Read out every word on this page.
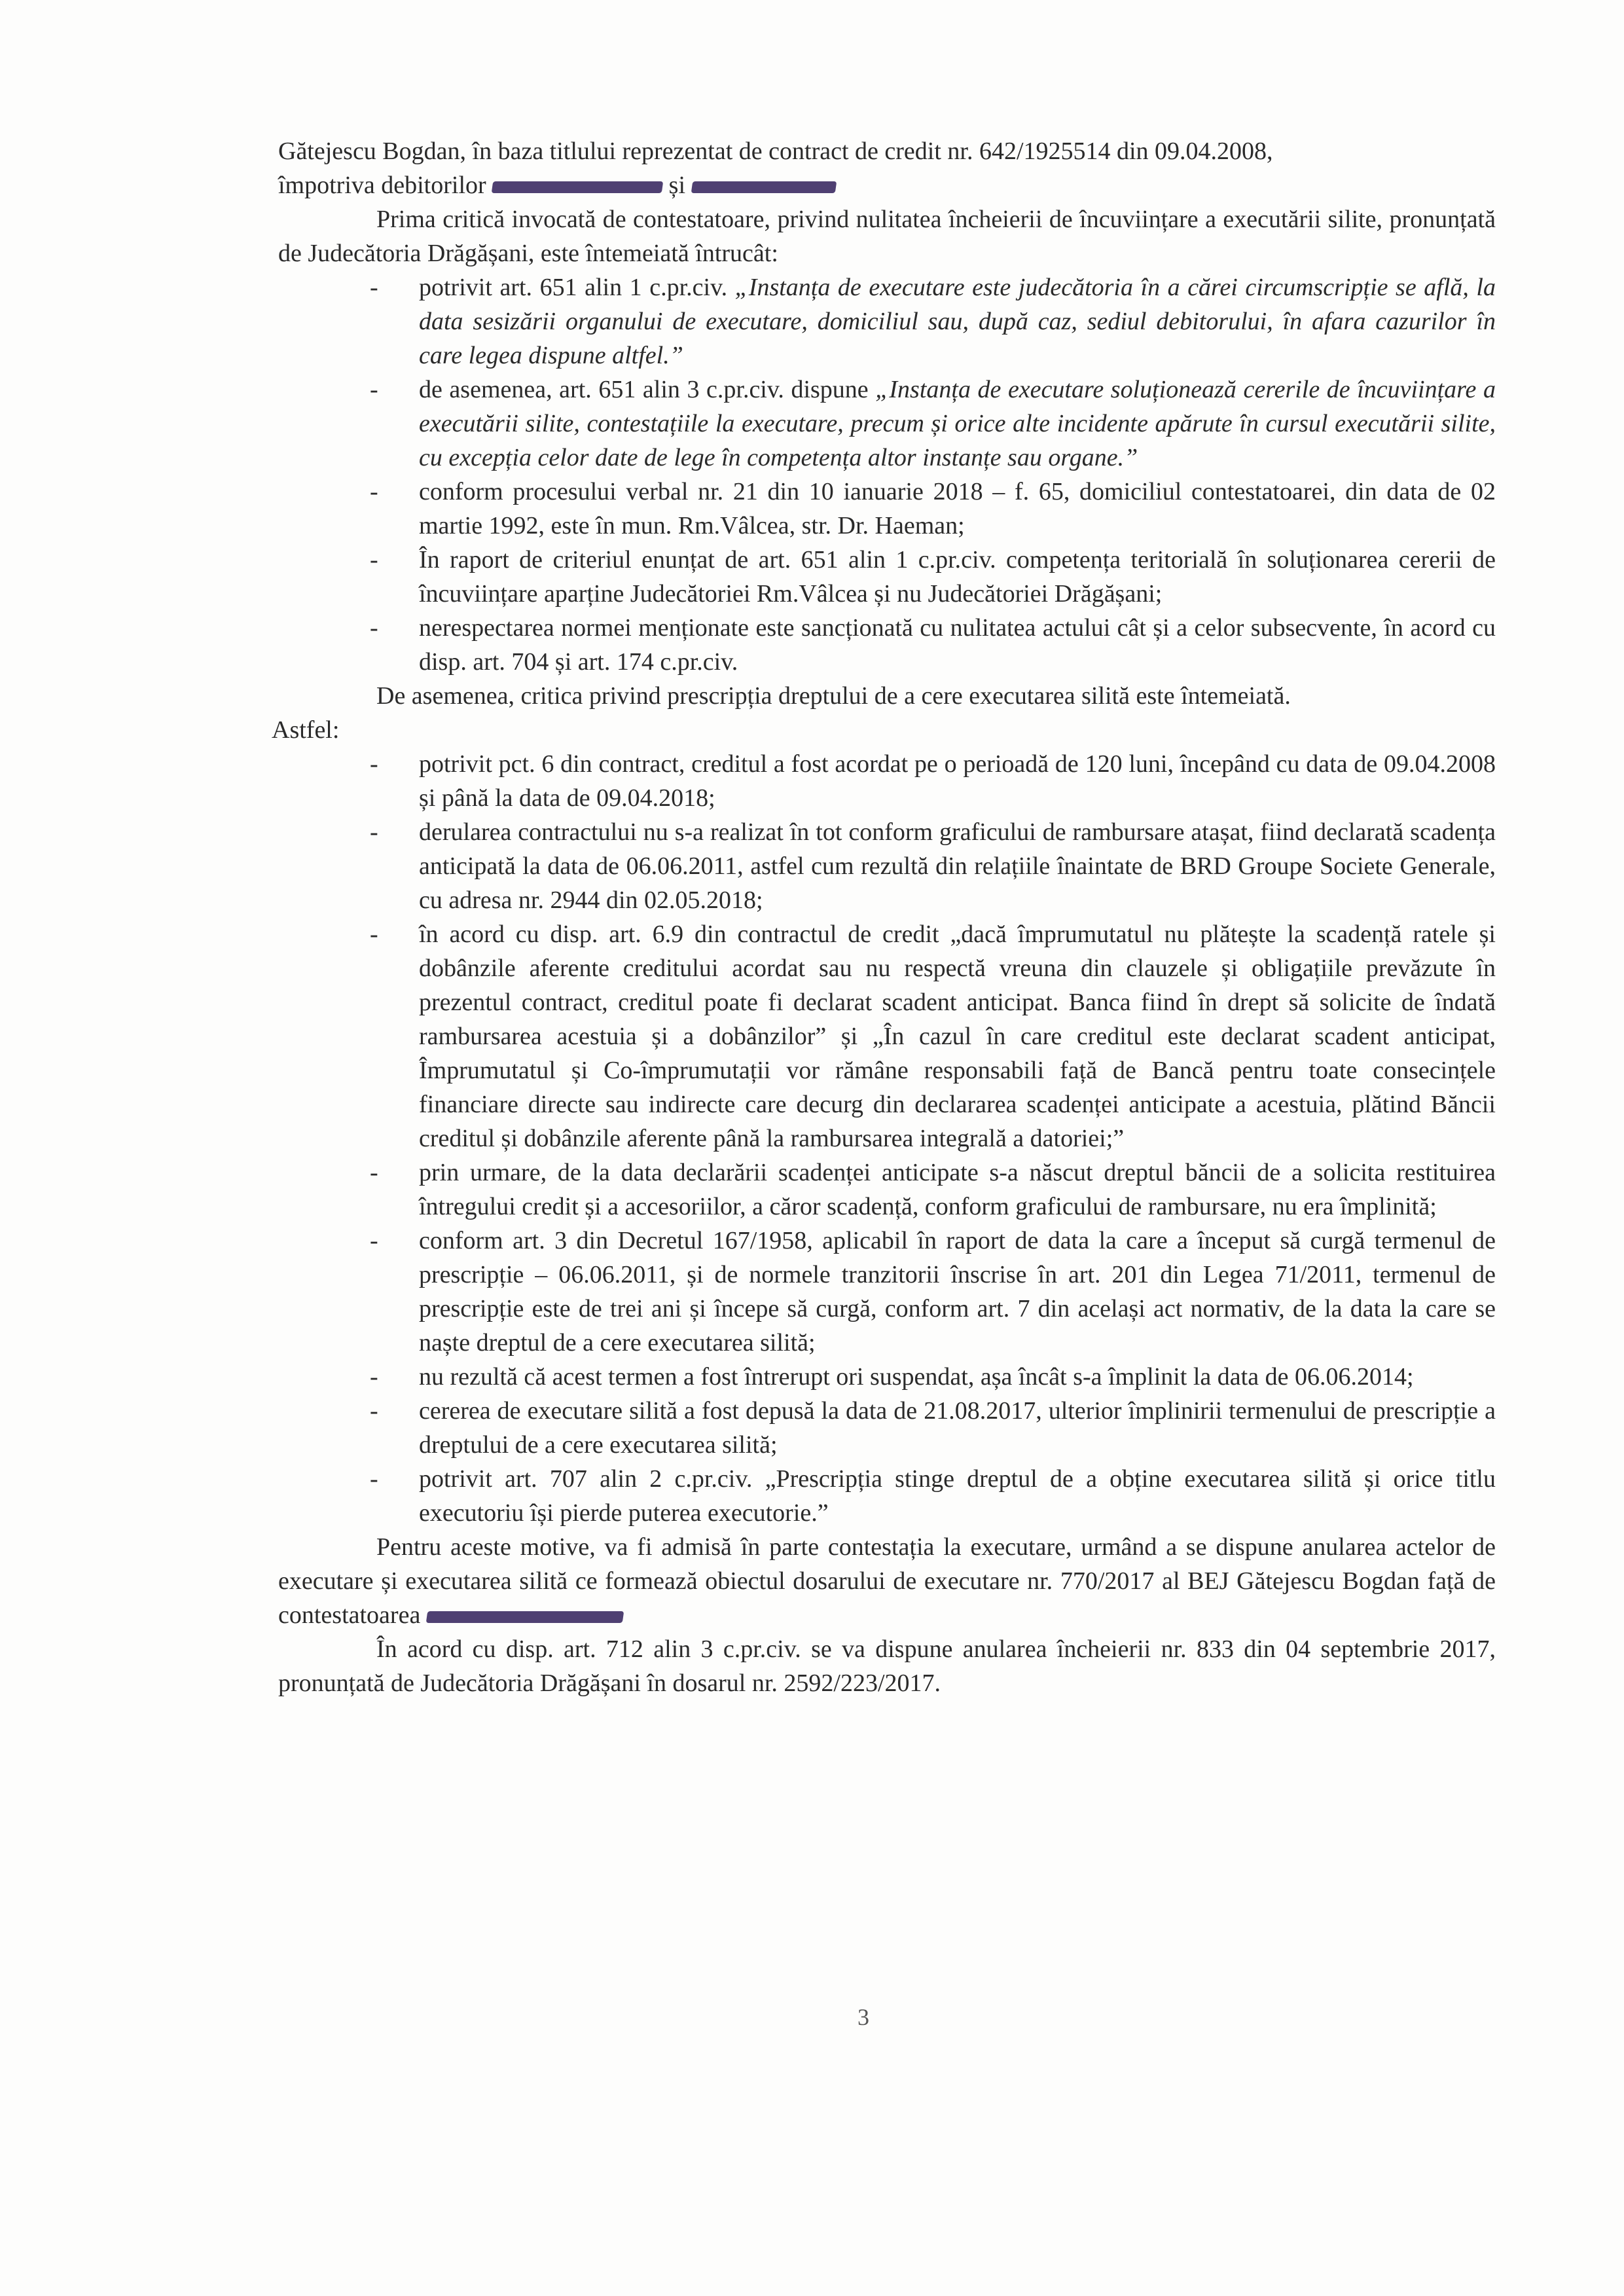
Gătejescu Bogdan, în baza titlului reprezentat de contract de credit nr. 642/1925514 din 09.04.2008,

împotriva debitorilor	și

Prima critică invocată de contestatoare, privind nulitatea încheierii de încuviințare a executării silite, pronunțată de Judecătoria Drăgășani, este întemeiată întrucât:

- potrivit art. 651 alin 1 c.pr.civ. „Instanța de executare este judecătoria în a cărei circumscripție se află, la data sesizării organului de executare, domiciliul sau, după caz, sediul debitorului, în afara cazurilor în care legea dispune altfel.”
- de asemenea, art. 651 alin 3 c.pr.civ. dispune „Instanța de executare soluționează cererile de încuviințare a executării silite, contestațiile la executare, precum și orice alte incidente apărute în cursul executării silite, cu excepția celor date de lege în competența altor instanțe sau organe.”
- conform procesului verbal nr. 21 din 10 ianuarie 2018 – f. 65, domiciliul contestatoarei, din data de 02 martie 1992, este în mun. Rm.Vâlcea, str. Dr. Haeman;
- În raport de criteriul enunțat de art. 651 alin 1 c.pr.civ. competența teritorială în soluționarea cererii de încuviințare aparține Judecătoriei Rm.Vâlcea și nu Judecătoriei Drăgășani;
- nerespectarea normei menționate este sancționată cu nulitatea actului cât și a celor subsecvente, în acord cu disp. art. 704 și art. 174 c.pr.civ.

De asemenea, critica privind prescripția dreptului de a cere executarea silită este întemeiată.

Astfel:

- potrivit pct. 6 din contract, creditul a fost acordat pe o perioadă de 120 luni, începând cu data de 09.04.2008 și până la data de 09.04.2018;
- derularea contractului nu s-a realizat în tot conform graficului de rambursare atașat, fiind declarată scadența anticipată la data de 06.06.2011, astfel cum rezultă din relațiile înaintate de BRD Groupe Societe Generale, cu adresa nr. 2944 din 02.05.2018;
- în acord cu disp. art. 6.9 din contractul de credit „dacă împrumutatul nu plătește la scadență ratele și dobânzile aferente creditului acordat sau nu respectă vreuna din clauzele și obligațiile prevăzute în prezentul contract, creditul poate fi declarat scadent anticipat. Banca fiind în drept să solicite de îndată rambursarea acestuia și a dobânzilor” și „În cazul în care creditul este declarat scadent anticipat, Împrumutatul și Co-împrumutații vor rămâne responsabili față de Bancă pentru toate consecințele financiare directe sau indirecte care decurg din declararea scadenței anticipate a acestuia, plătind Băncii creditul și dobânzile aferente până la rambursarea integrală a datoriei;”
- prin urmare, de la data declarării scadenței anticipate s-a născut dreptul băncii de a solicita restituirea întregului credit și a accesoriilor, a căror scadență, conform graficului de rambursare, nu era împlinită;
- conform art. 3 din Decretul 167/1958, aplicabil în raport de data la care a început să curgă termenul de prescripție – 06.06.2011, și de normele tranzitorii înscrise în art. 201 din Legea 71/2011, termenul de prescripție este de trei ani și începe să curgă, conform art. 7 din același act normativ, de la data la care se naște dreptul de a cere executarea silită;
- nu rezultă că acest termen a fost întrerupt ori suspendat, așa încât s-a împlinit la data de 06.06.2014;
- cererea de executare silită a fost depusă la data de 21.08.2017, ulterior împlinirii termenului de prescripție a dreptului de a cere executarea silită;
- potrivit art. 707 alin 2 c.pr.civ. „Prescripția stinge dreptul de a obține executarea silită și orice titlu executoriu își pierde puterea executorie.”

Pentru aceste motive, va fi admisă în parte contestația la executare, urmând a se dispune anularea actelor de executare și executarea silită ce formează obiectul dosarului de executare nr. 770/2017 al BEJ Gătejescu Bogdan față de contestatoarea

În acord cu disp. art. 712 alin 3 c.pr.civ. se va dispune anularea încheierii nr. 833 din 04 septembrie 2017, pronunțată de Judecătoria Drăgășani în dosarul nr. 2592/223/2017.

3
